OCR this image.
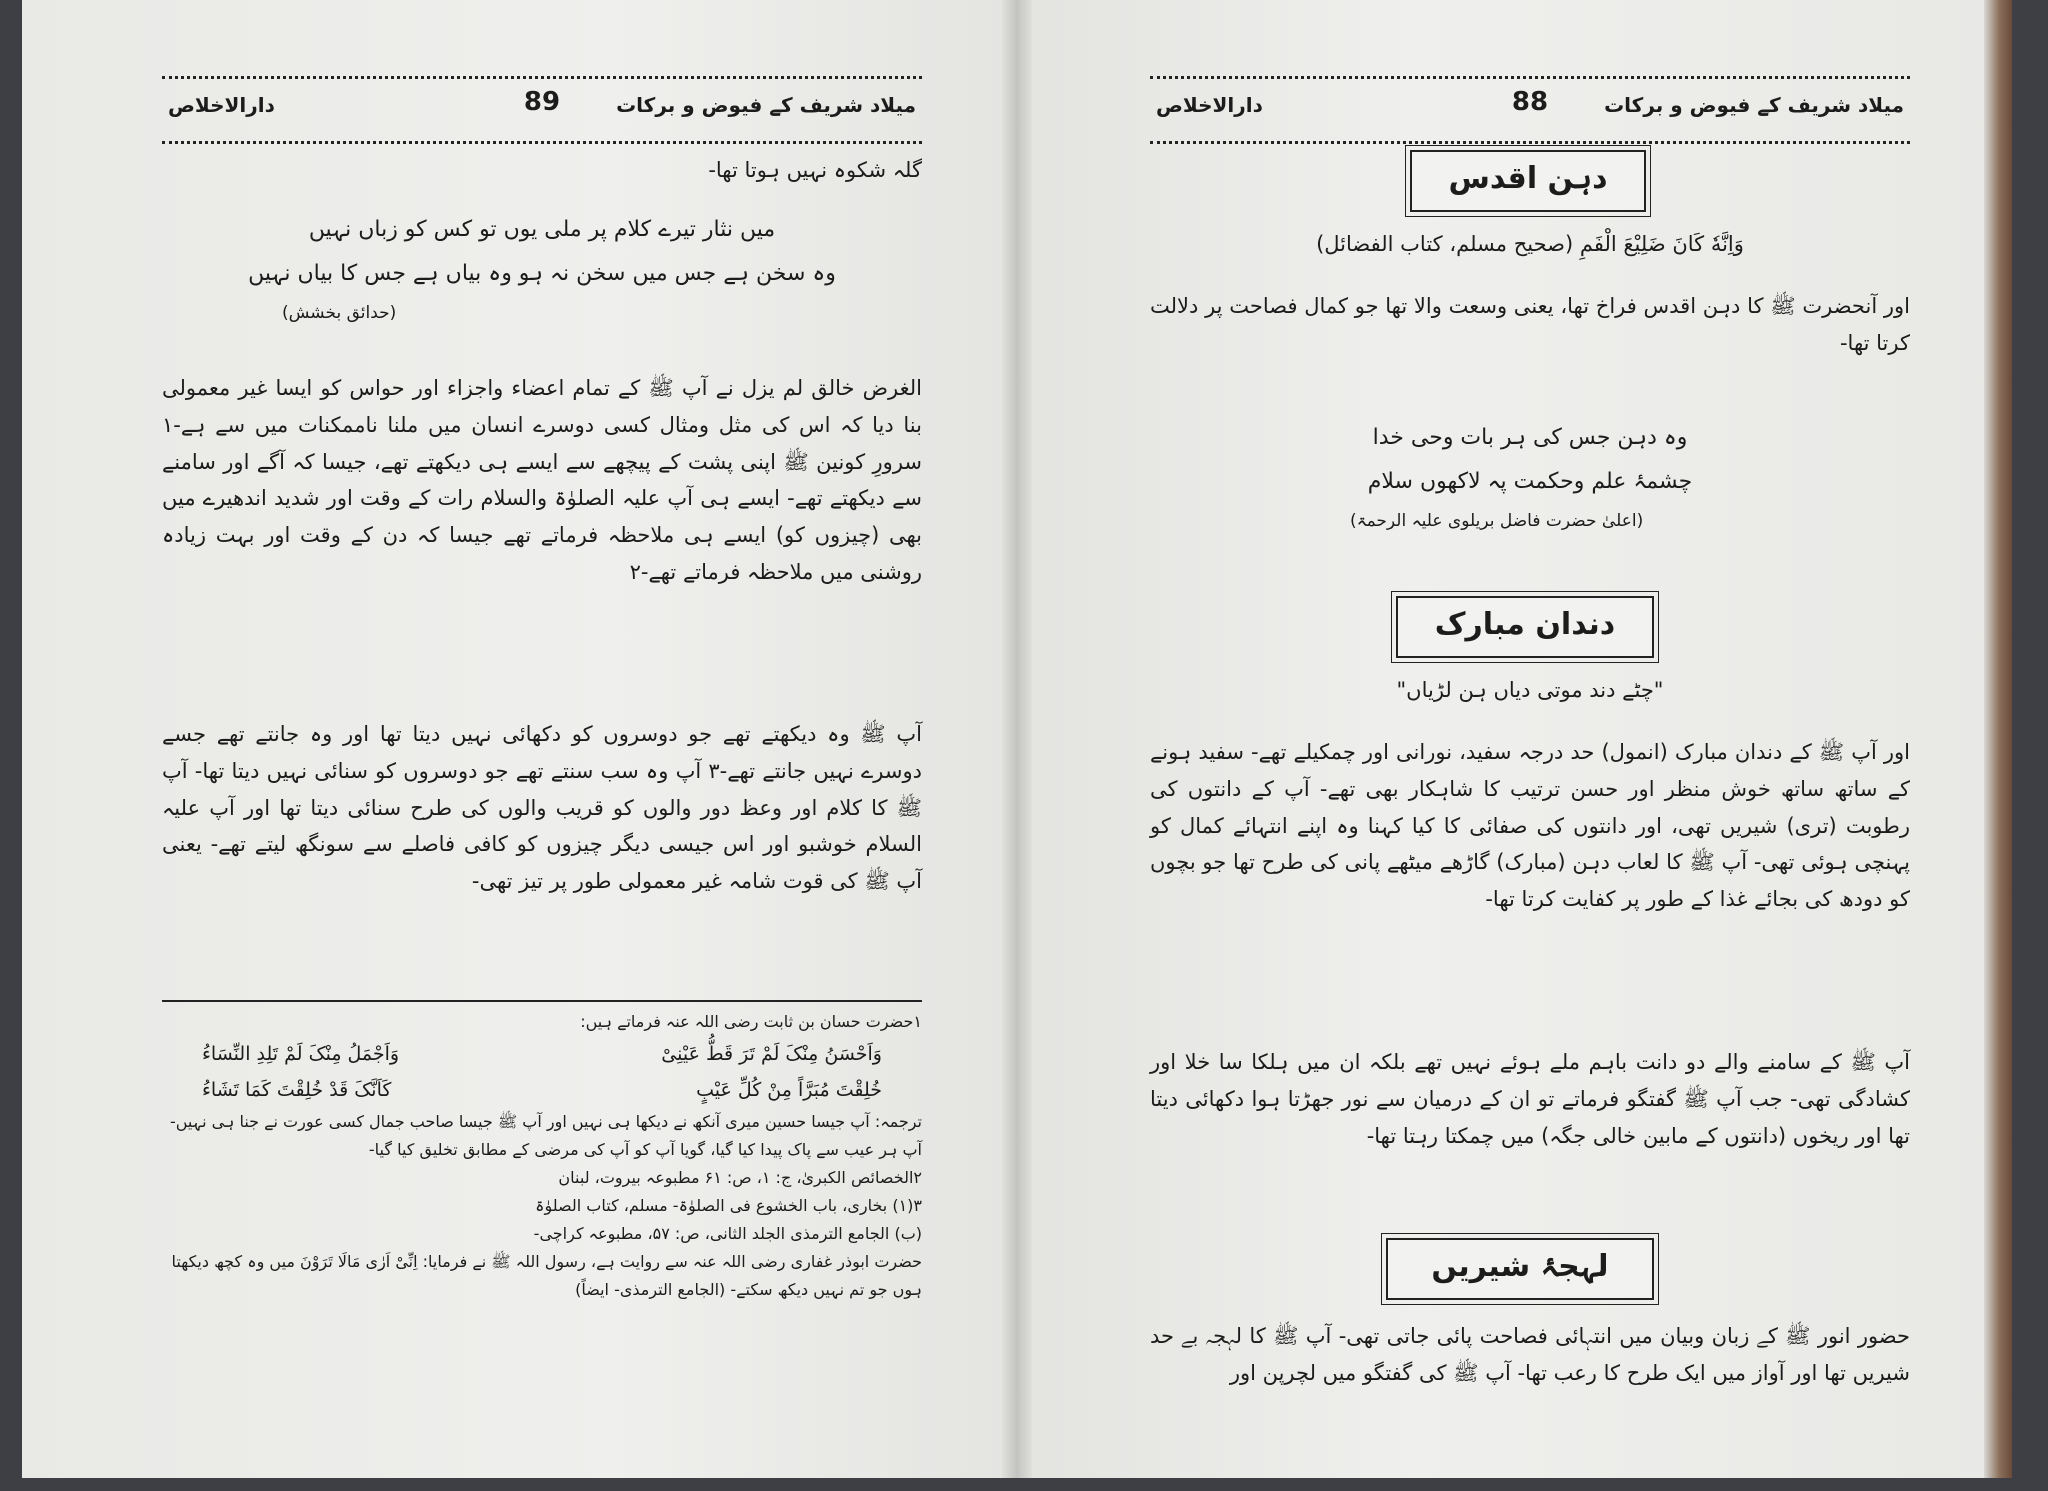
میلاد شریف کے فیوض و برکات
89
دارالاخلاص
گلہ شکوہ نہیں ہوتا تھا-
میں نثار تیرے کلام پر ملی یوں تو کس کو زباں نہیں
وہ سخن ہے جس میں سخن نہ ہو وہ بیاں ہے جس کا بیاں نہیں
(حدائق بخشش)
الغرض خالق لم یزل نے آپ ﷺ کے تمام اعضاء واجزاء اور حواس کو ایسا غیر معمولی بنا دیا کہ اس کی مثل ومثال کسی دوسرے انسان میں ملنا ناممکنات میں سے ہے-۱ سرورِ کونین ﷺ اپنی پشت کے پیچھے سے ایسے ہی دیکھتے تھے، جیسا کہ آگے اور سامنے سے دیکھتے تھے- ایسے ہی آپ علیہ الصلوٰۃ والسلام رات کے وقت اور شدید اندھیرے میں بھی (چیزوں کو) ایسے ہی ملاحظہ فرماتے تھے جیسا کہ دن کے وقت اور بہت زیادہ روشنی میں ملاحظہ فرماتے تھے-۲
آپ ﷺ وہ دیکھتے تھے جو دوسروں کو دکھائی نہیں دیتا تھا اور وہ جانتے تھے جسے دوسرے نہیں جانتے تھے-۳ آپ وہ سب سنتے تھے جو دوسروں کو سنائی نہیں دیتا تھا- آپ ﷺ کا کلام اور وعظ دور والوں کو قریب والوں کی طرح سنائی دیتا تھا اور آپ علیہ السلام خوشبو اور اس جیسی دیگر چیزوں کو کافی فاصلے سے سونگھ لیتے تھے- یعنی آپ ﷺ کی قوت شامہ غیر معمولی طور پر تیز تھی-
۱حضرت حسان بن ثابت رضی اللہ عنہ فرماتے ہیں:
وَاَحْسَنُ مِنْکَ لَمْ تَرَ قَطُّ عَیْنِیْ
وَاَجْمَلُ مِنْکَ لَمْ تَلِدِ النِّسَاءُ
خُلِقْتَ مُبَرَّاً مِنْ کُلِّ عَیْبٍ
کَاَنَّکَ قَدْ خُلِقْتَ کَمَا تَشَاءُ
ترجمہ: آپ جیسا حسین میری آنکھ نے دیکھا ہی نہیں اور آپ ﷺ جیسا صاحب جمال کسی عورت نے جنا ہی نہیں- آپ ہر عیب سے پاک پیدا کیا گیا، گویا آپ کو آپ کی مرضی کے مطابق تخلیق کیا گیا-
۲الخصائص الکبریٰ، ج: ۱، ص: ۶۱ مطبوعہ بیروت، لبنان
۳(۱) بخاری، باب الخشوع فی الصلوٰۃ- مسلم، کتاب الصلوٰۃ
(ب) الجامع الترمذی الجلد الثانی، ص: ۵۷، مطبوعہ کراچی-
حضرت ابوذر غفاری رضی اللہ عنہ سے روایت ہے، رسول اللہ ﷺ نے فرمایا: اِنِّیْ اَرٰی مَالَا تَرَوْنَ میں وہ کچھ دیکھتا ہوں جو تم نہیں دیکھ سکتے- (الجامع الترمذی- ایضاً)
میلاد شریف کے فیوض و برکات
88
دارالاخلاص
دہن اقدس
وَاِنَّهٗ کَانَ ضَلِیْعَ الْفَمِ (صحیح مسلم، کتاب الفضائل)
اور آنحضرت ﷺ کا دہن اقدس فراخ تھا، یعنی وسعت والا تھا جو کمال فصاحت پر دلالت کرتا تھا-
وہ دہن جس کی ہر بات وحی خدا
چشمۂ علم وحکمت پہ لاکھوں سلام
(اعلیٰ حضرت فاضل بریلوی علیہ الرحمۃ)
دندان مبارک
"چٹے دند موتی دیاں ہن لڑیاں"
اور آپ ﷺ کے دندان مبارک (انمول) حد درجہ سفید، نورانی اور چمکیلے تھے- سفید ہونے کے ساتھ ساتھ خوش منظر اور حسن ترتیب کا شاہکار بھی تھے- آپ کے دانتوں کی رطوبت (تری) شیریں تھی، اور دانتوں کی صفائی کا کیا کہنا وہ اپنے انتہائے کمال کو پہنچی ہوئی تھی- آپ ﷺ کا لعاب دہن (مبارک) گاڑھے میٹھے پانی کی طرح تھا جو بچوں کو دودھ کی بجائے غذا کے طور پر کفایت کرتا تھا-
آپ ﷺ کے سامنے والے دو دانت باہم ملے ہوئے نہیں تھے بلکہ ان میں ہلکا سا خلا اور کشادگی تھی- جب آپ ﷺ گفتگو فرماتے تو ان کے درمیان سے نور جھڑتا ہوا دکھائی دیتا تھا اور ریخوں (دانتوں کے مابین خالی جگہ) میں چمکتا رہتا تھا-
لہجۂ شیریں
حضور انور ﷺ کے زبان وبیان میں انتہائی فصاحت پائی جاتی تھی- آپ ﷺ کا لہجہ بے حد شیریں تھا اور آواز میں ایک طرح کا رعب تھا- آپ ﷺ کی گفتگو میں لچرپن اور
